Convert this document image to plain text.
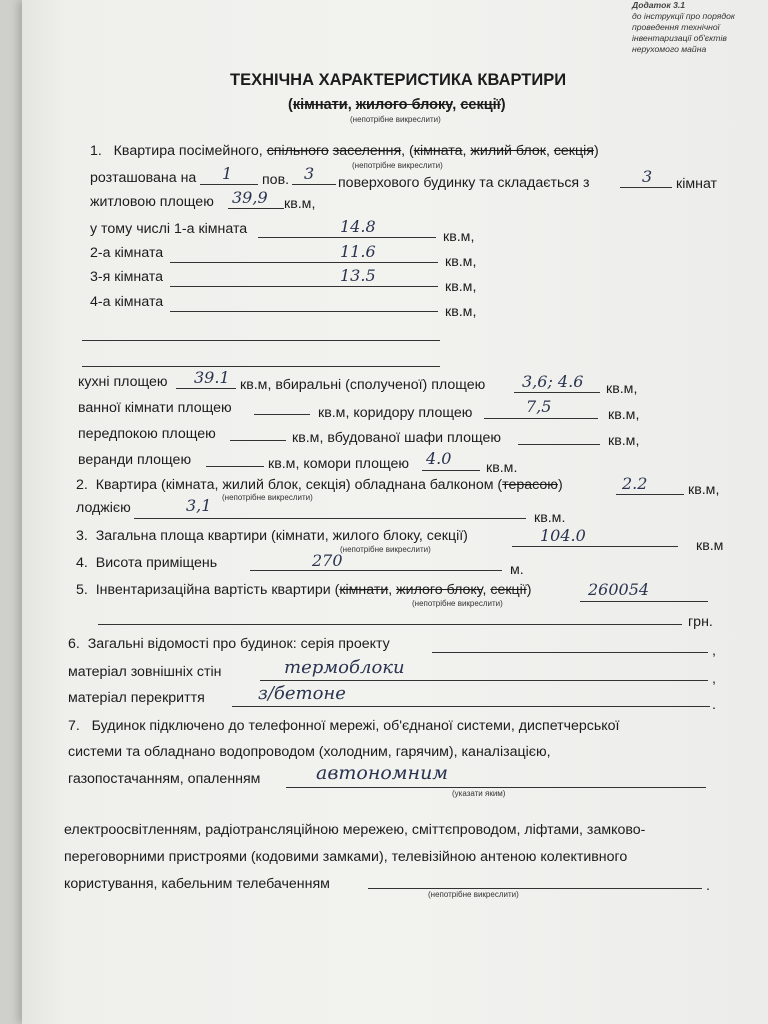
Додаток 3.1
до інструкції про порядок
проведення технічної
інвентаризації об'єктів
нерухомого майна
ТЕХНІЧНА ХАРАКТЕРИСТИКА КВАРТИРИ
(кімнати, жилого блоку, секції)
(непотрібне викреслити)
1. Квартира посімейного, спільного заселення, (кімната, жилий блок, секція)
(непотрібне викреслити)
розташована на 1 пов. 3 поверхового будинку та складається з	3 кімнат
житловою площею 39,9 кв.м,
у тому числі 1-а кімната	14.8
кв.м,
2-а кімната	11.6
кв.м,
3-я кімната	13.5
кв.м,
4-а кімната
кв.м,
кухні площею 39.1 кв.м, вбиральні (сполученої) площею 3,6; 4.6 кв.м,
ванної кімнати площею	кв.м, коридору площею	7,5	кв.м,
передпокою площею	кв.м, вбудованої шафи площею	кв.м,
веранди площею	кв.м, комори площею 4.0 кв.м.
2. Квартира (кімната, жилий блок, секція) обладнана балконом (терасою)	2.2	кв.м,
(непотрібне викреслити)
лоджією	3,1
кв.м.
3. Загальна площа квартири (кімнати, жилого блоку, секції)	104.0
кв.м
(непотрібне викреслити)
4. Висота приміщень	270	м.
5. Інвентаризаційна вартість квартири (кімнати, жилого блоку, секції)	260054
(непотрібне викреслити)
грн.
6. Загальні відомості про будинок: серія проекту	,
матеріал зовнішніх стін	термоблоки
,
матеріал перекриття	з/бетоне
.
7. Будинок підключено до телефонної мережі, об'єднаної системи, диспетчерської
системи та обладнано водопроводом (холодним, гарячим), каналізацією,
газопостачанням, опаленням	автономним
(указати яким)
електроосвітленням, радіотрансляційною мережею, сміттєпроводом, ліфтами, замково-
переговорними пристроями (кодовими замками), телевізійною антеною колективного
користування, кабельним телебаченням	.
(непотрібне викреслити)
